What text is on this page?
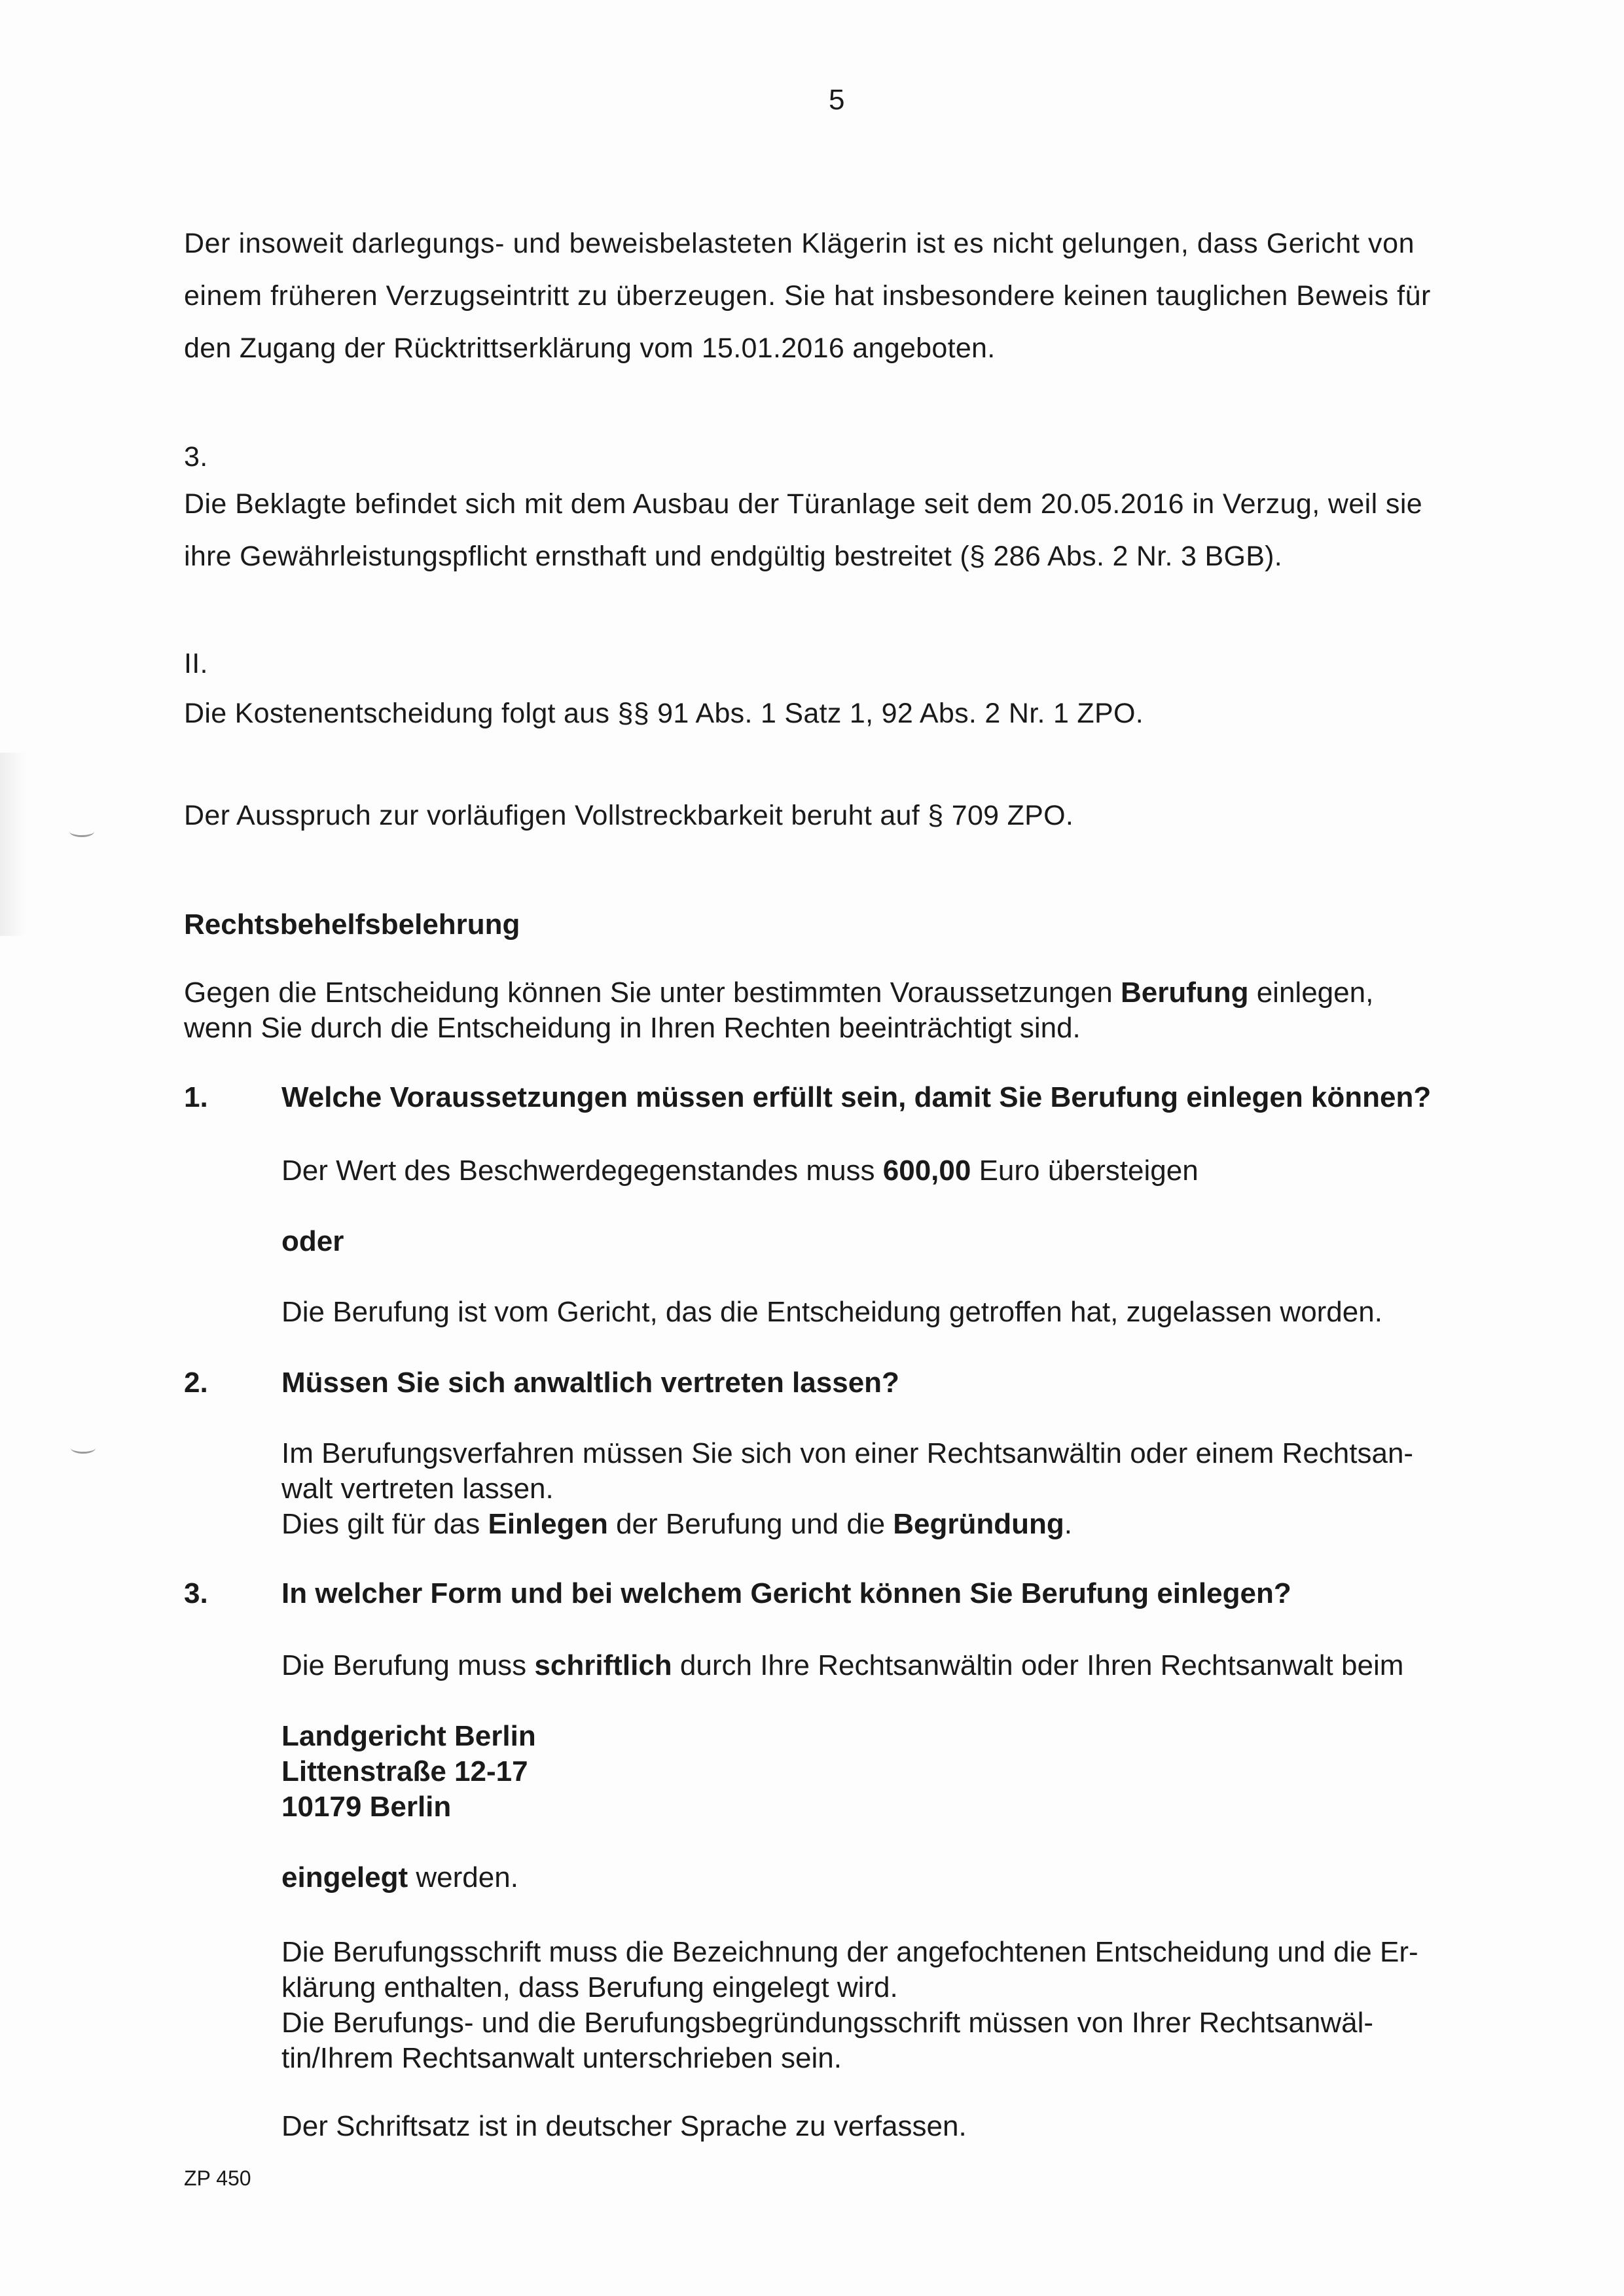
5
Der insoweit darlegungs- und beweisbelasteten Klägerin ist es nicht gelungen, dass Gericht von
einem früheren Verzugseintritt zu überzeugen. Sie hat insbesondere keinen tauglichen Beweis für
den Zugang der Rücktrittserklärung vom 15.01.2016 angeboten.
3.
Die Beklagte befindet sich mit dem Ausbau der Türanlage seit dem 20.05.2016 in Verzug, weil sie
ihre Gewährleistungspflicht ernsthaft und endgültig bestreitet (§ 286 Abs. 2 Nr. 3 BGB).
II.
Die Kostenentscheidung folgt aus §§ 91 Abs. 1 Satz 1, 92 Abs. 2 Nr. 1 ZPO.
Der Ausspruch zur vorläufigen Vollstreckbarkeit beruht auf § 709 ZPO.
Rechtsbehelfsbelehrung
Gegen die Entscheidung können Sie unter bestimmten Voraussetzungen Berufung einlegen,
wenn Sie durch die Entscheidung in Ihren Rechten beeinträchtigt sind.
1.	Welche Voraussetzungen müssen erfüllt sein, damit Sie Berufung einlegen können?
Der Wert des Beschwerdegegenstandes muss 600,00 Euro übersteigen
oder
Die Berufung ist vom Gericht, das die Entscheidung getroffen hat, zugelassen worden.
2.	Müssen Sie sich anwaltlich vertreten lassen?
Im Berufungsverfahren müssen Sie sich von einer Rechtsanwältin oder einem Rechtsan-
walt vertreten lassen.
Dies gilt für das Einlegen der Berufung und die Begründung.
3.	In welcher Form und bei welchem Gericht können Sie Berufung einlegen?
Die Berufung muss schriftlich durch Ihre Rechtsanwältin oder Ihren Rechtsanwalt beim
Landgericht Berlin
Littenstraße 12-17
10179 Berlin
eingelegt werden.
Die Berufungsschrift muss die Bezeichnung der angefochtenen Entscheidung und die Er-
klärung enthalten, dass Berufung eingelegt wird.
Die Berufungs- und die Berufungsbegründungsschrift müssen von Ihrer Rechtsanwäl-
tin/Ihrem Rechtsanwalt unterschrieben sein.
Der Schriftsatz ist in deutscher Sprache zu verfassen.
ZP 450
